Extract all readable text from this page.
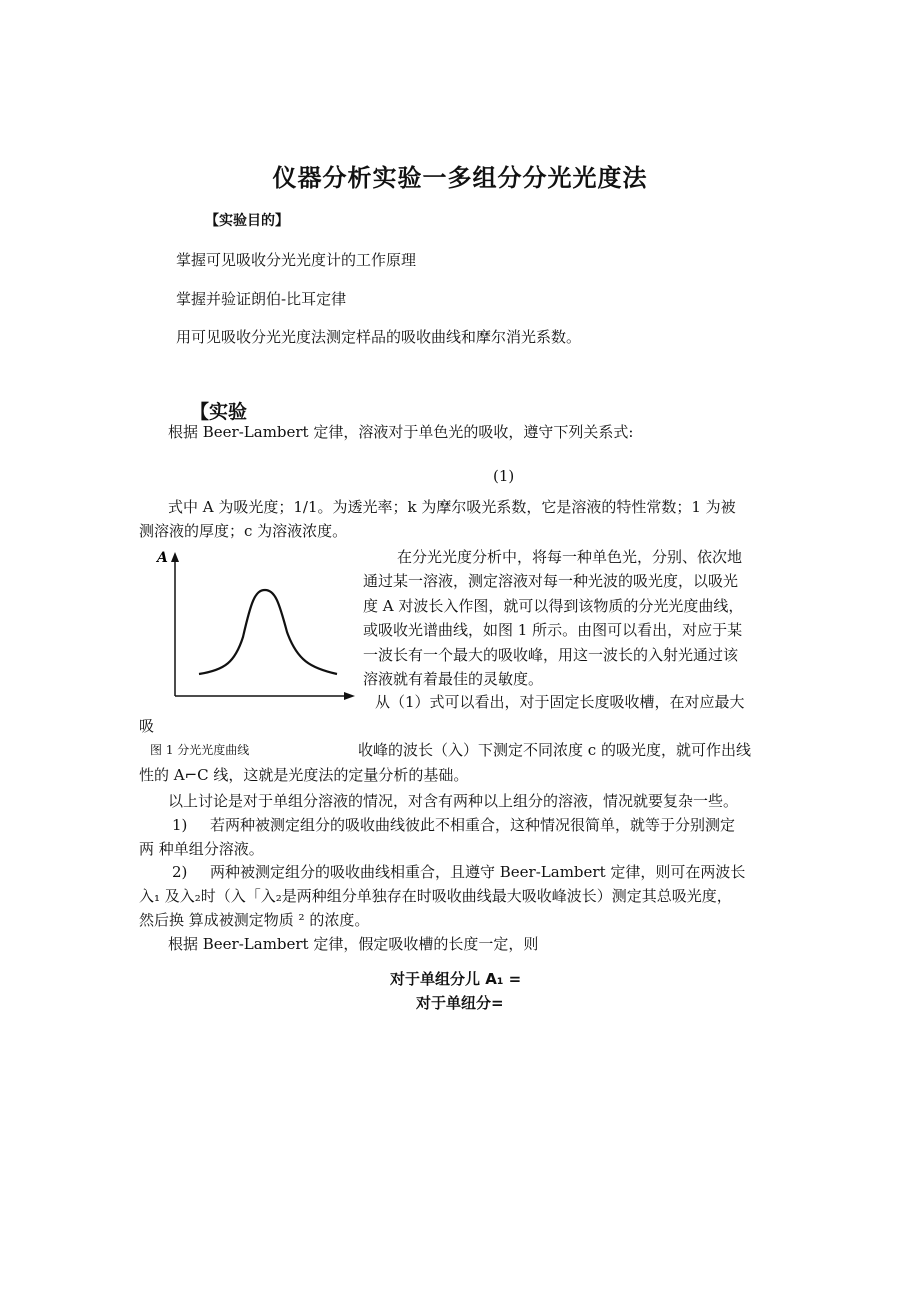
仪器分析实验一多组分分光光度法
【实验目的】
掌握可见吸收分光光度计的工作原理
掌握并验证朗伯-比耳定律
用可见吸收分光光度法测定样品的吸收曲线和摩尔消光系数。
【实验
根据 Beer-Lambert 定律，溶液对于单色光的吸收，遵守下列关系式:
(1)
式中 A 为吸光度；1/1。为透光率；k 为摩尔吸光系数，它是溶液的特性常数；1 为被
测溶液的厚度；c 为溶液浓度。
A	在分光光度分析中，将每一种单色光，分别、依次地
通过某一溶液，测定溶液对每一种光波的吸光度，以吸光
度 A 对波长入作图，就可以得到该物质的分光光度曲线，
或吸收光谱曲线，如图 1 所示。由图可以看出，对应于某
一波长有一个最大的吸收峰，用这一波长的入射光通过该
溶液就有着最佳的灵敏度。
从（1）式可以看出，对于固定长度吸收槽，在对应最大
吸
图 1 分光光度曲线	收峰的波长（入）下测定不同浓度 c 的吸光度，就可作出线
性的 A⌐C 线，这就是光度法的定量分析的基础。
以上讨论是对于单组分溶液的情况，对含有两种以上组分的溶液，情况就要复杂一些。
1) 若两种被测定组分的吸收曲线彼此不相重合，这种情况很简单，就等于分别测定
两 种单组分溶液。
2) 两种被测定组分的吸收曲线相重合，且遵守 Beer-Lambert 定律，则可在两波长
入₁ 及入₂时（入「入₂是两种组分单独存在时吸收曲线最大吸收峰波长）测定其总吸光度，
然后换 算成被测定物质 ² 的浓度。
根据 Beer-Lambert 定律，假定吸收槽的长度一定，则
对于单组分儿 A₁ =
对于单纽分=
